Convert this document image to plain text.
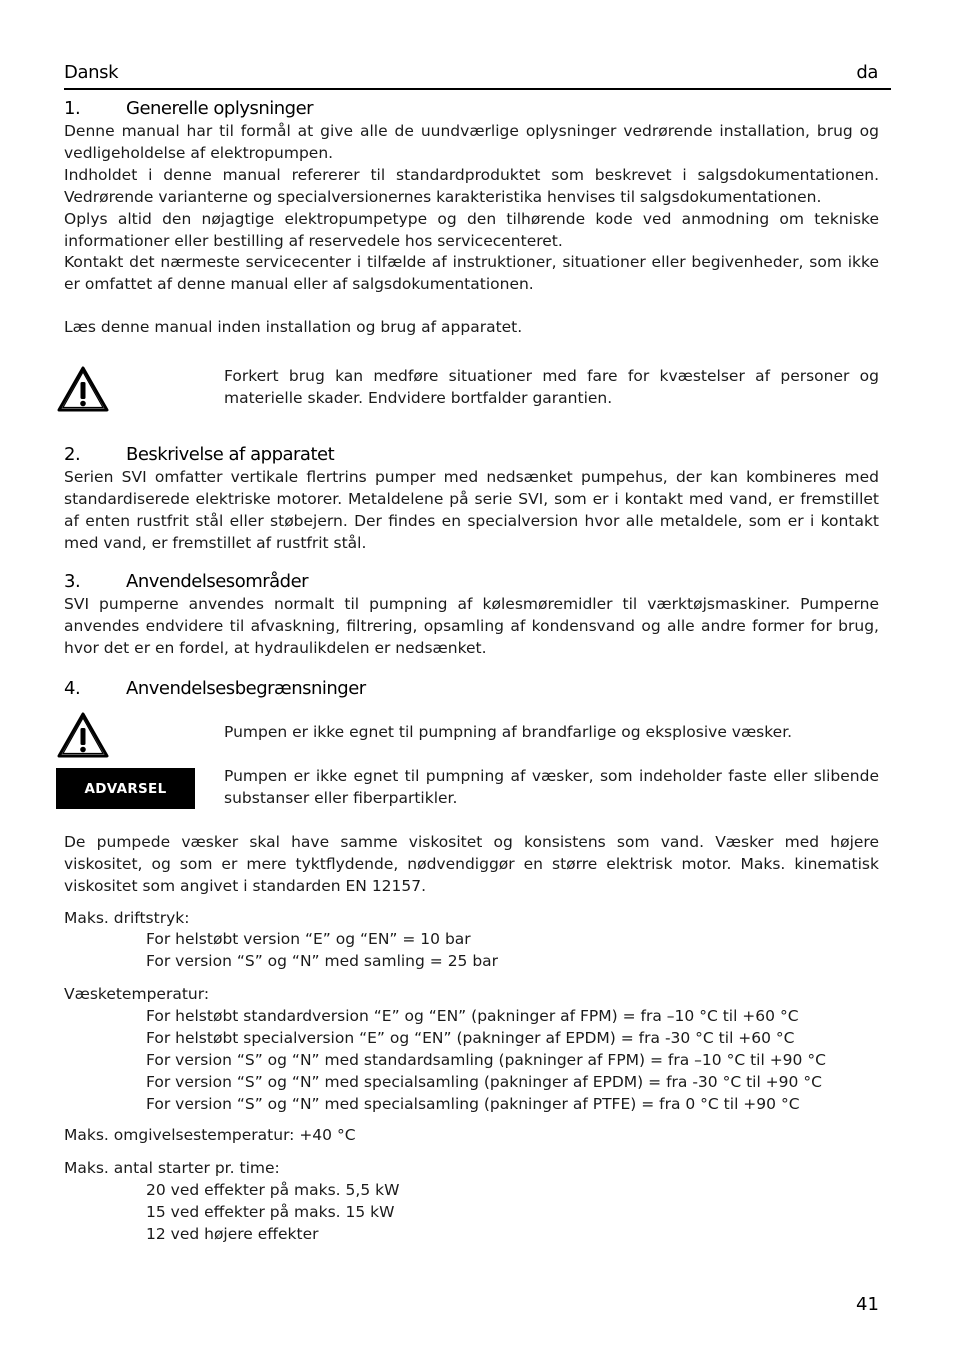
Dansk	da
1.	Generelle oplysninger

Denne manual har til formål at give alle de uundværlige oplysninger vedrørende installation, brug og vedligeholdelse af elektropumpen.

Indholdet i denne manual refererer til standardproduktet som beskrevet i salgsdokumentationen. Vedrørende varianterne og specialversionernes karakteristika henvises til salgsdokumentationen.

Oplys altid den nøjagtige elektropumpetype og den tilhørende kode ved anmodning om tekniske informationer eller bestilling af reservedele hos servicecenteret.

Kontakt det nærmeste servicecenter i tilfælde af instruktioner, situationer eller begivenheder, som ikke er omfattet af denne manual eller af salgsdokumentationen.

Læs denne manual inden installation og brug af apparatet.
Forkert brug kan medføre situationer med fare for kvæstelser af personer og materielle skader. Endvidere bortfalder garantien.
2.	Beskrivelse af apparatet
Serien SVI omfatter vertikale flertrins pumper med nedsænket pumpehus, der kan kombineres med standardiserede elektriske motorer. Metaldelene på serie SVI, som er i kontakt med vand, er fremstillet af enten rustfrit stål eller støbejern. Der findes en specialversion hvor alle metaldele, som er i kontakt med vand, er fremstillet af rustfrit stål.
3.	Anvendelsesområder
SVI pumperne anvendes normalt til pumpning af kølesmøremidler til værktøjsmaskiner. Pumperne anvendes endvidere til afvaskning, filtrering, opsamling af kondensvand og alle andre former for brug, hvor det er en fordel, at hydraulikdelen er nedsænket.
4.	Anvendelsesbegrænsninger
Pumpen er ikke egnet til pumpning af brandfarlige og eksplosive væsker.
ADVARSEL
Pumpen er ikke egnet til pumpning af væsker, som indeholder faste eller slibende substanser eller fiberpartikler.
De pumpede væsker skal have samme viskositet og konsistens som vand. Væsker med højere viskositet, og som er mere tyktflydende, nødvendiggør en større elektrisk motor. Maks. kinematisk viskositet som angivet i standarden EN 12157.
Maks. driftstryk:
For helstøbt version “E” og “EN” = 10 bar
For version “S” og “N” med samling = 25 bar
Væsketemperatur:
For helstøbt standardversion “E” og “EN” (pakninger af FPM) = fra –10 °C til +60 °C
For helstøbt specialversion “E” og “EN” (pakninger af EPDM) = fra -30 °C til +60 °C
For version “S” og “N” med standardsamling (pakninger af FPM) = fra –10 °C til +90 °C
For version “S” og “N” med specialsamling (pakninger af EPDM) = fra -30 °C til +90 °C
For version “S” og “N” med specialsamling (pakninger af PTFE) = fra 0 °C til +90 °C
Maks. omgivelsestemperatur: +40 °C
Maks. antal starter pr. time:
20 ved effekter på maks. 5,5 kW
15 ved effekter på maks. 15 kW
12 ved højere effekter
41
